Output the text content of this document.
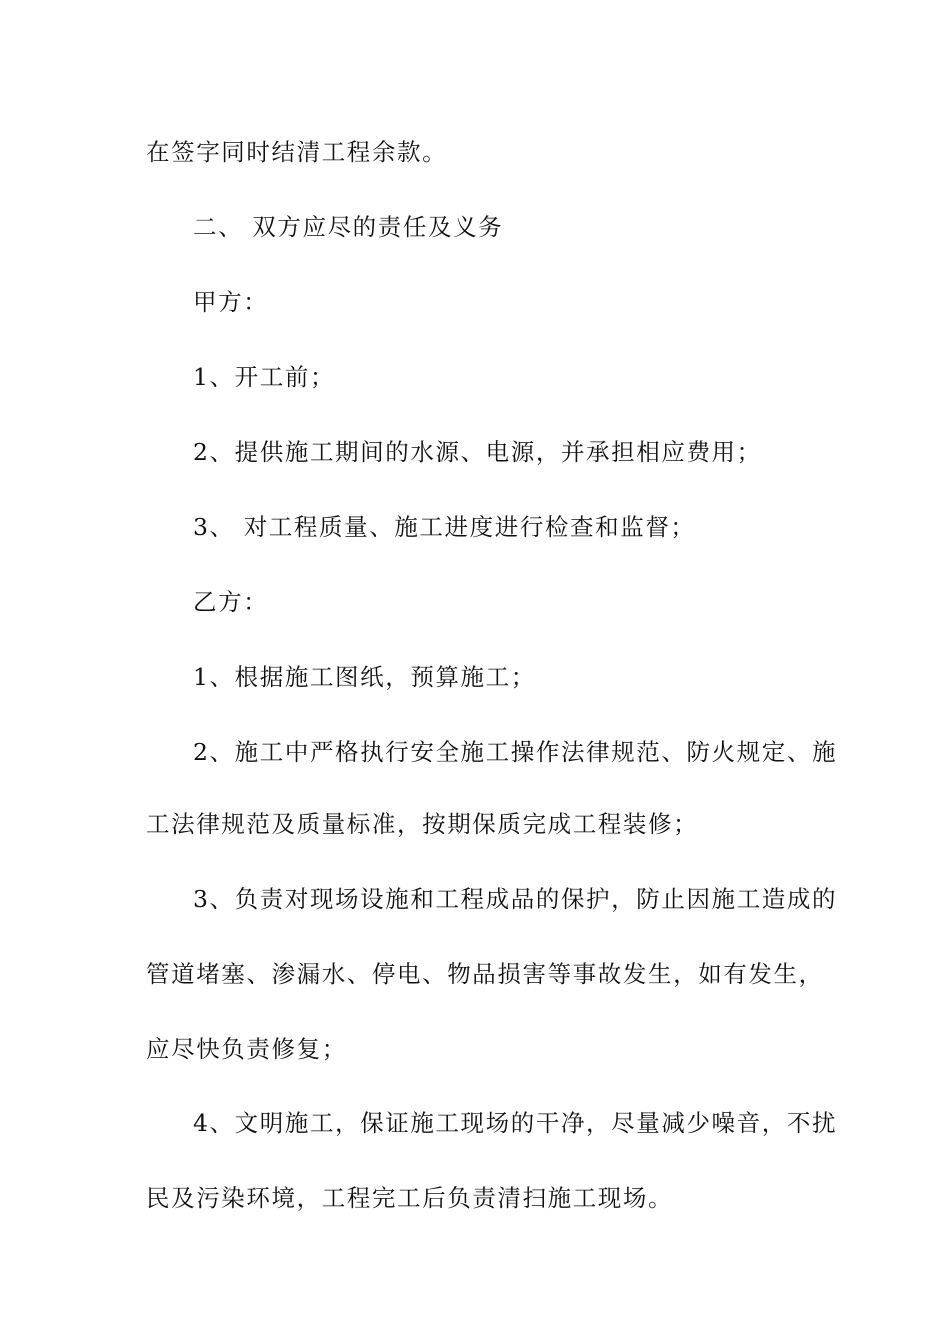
在签字同时结清工程余款。
二、 双方应尽的责任及义务
甲方：
1、开工前；
2、提供施工期间的水源、电源，并承担相应费用；
3、 对工程质量、施工进度进行检查和监督；
乙方：
1、根据施工图纸，预算施工；
2、施工中严格执行安全施工操作法律规范、防火规定、施
工法律规范及质量标准，按期保质完成工程装修；
3、负责对现场设施和工程成品的保护，防止因施工造成的
管道堵塞、渗漏水、停电、物品损害等事故发生，如有发生，
应尽快负责修复；
4、文明施工，保证施工现场的干净，尽量减少噪音，不扰
民及污染环境，工程完工后负责清扫施工现场。
